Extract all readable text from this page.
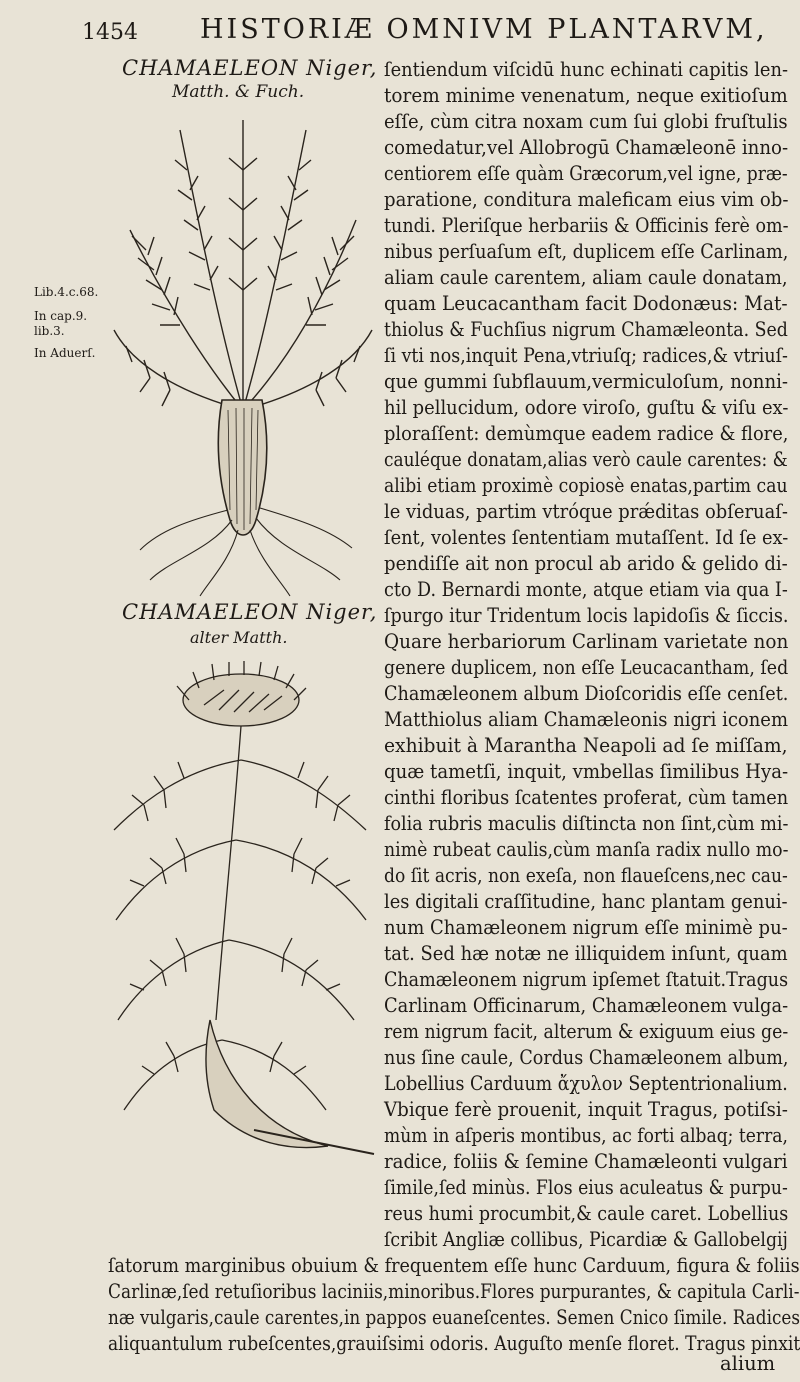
1454 HISTORIÆ OMNIVM PLANTARVM,
CHAMAELEON Niger,
Matth. & Fuch.
Lib.4.c.68.
In cap.9.
lib.3.
In Aduerſ.
CHAMAELEON Niger,
alter Matth.
ſentiendum viſcidū hunc echinati capitis len-
torem minime venenatum, neque exitioſum
eſſe, cùm citra noxam cum ſui globi fruſtulis
comedatur,vel Allobrogū Chamæleonē inno-
centiorem eſſe quàm Græcorum,vel igne, præ-
paratione, conditura maleficam eius vim ob-
tundi. Pleriſque herbariis & Officinis ferè om-
nibus perſuaſum eſt, duplicem eſſe Carlinam,
aliam caule carentem, aliam caule donatam,
quam Leucacantham facit Dodonæus: Mat-
thiolus & Fuchſius nigrum Chamæleonta. Sed
ſi vti nos,inquit Pena,vtriuſq; radices,& vtriuſ-
que gummi ſubflauum,vermiculoſum, nonni-
hil pellucidum, odore viroſo, guſtu & viſu ex-
ploraſſent: demùmque eadem radice & flore,
cauléque donatam,alias verò caule carentes: &
alibi etiam proximè copiosè enatas,partim cau
le viduas, partim vtróque prǽditas obſeruaſ-
ſent, volentes ſententiam mutaſſent. Id ſe ex-
pendiſſe ait non procul ab arido & gelido di-
cto D. Bernardi monte, atque etiam via qua I-
ſpurgo itur Tridentum locis lapidoſis & ſiccis.
Quare herbariorum Carlinam varietate non
genere duplicem, non eſſe Leucacantham, ſed
Chamæleonem album Dioſcoridis eſſe cenſet.
Matthiolus aliam Chamæleonis nigri iconem
exhibuit à Marantha Neapoli ad ſe miſſam,
quæ tametſi, inquit, vmbellas ſimilibus Hya-
cinthi floribus ſcatentes proferat, cùm tamen
folia rubris maculis diſtincta non ſint,cùm mi-
nimè rubeat caulis,cùm manſa radix nullo mo-
do ſit acris, non exeſa, non flaueſcens,nec cau-
les digitali craſſitudine, hanc plantam genui-
num Chamæleonem nigrum eſſe minimè pu-
tat. Sed hæ notæ ne illiquidem inſunt, quam
Chamæleonem nigrum ipſemet ſtatuit.Tragus
Carlinam Officinarum, Chamæleonem vulga-
rem nigrum facit, alterum & exiguum eius ge-
nus ſine caule, Cordus Chamæleonem album,
Lobellius Carduum ἄχυλον Septentrionalium.
Vbique ferè prouenit, inquit Tragus, potiſsi-
mùm in aſperis montibus, ac forti albaq; terra,
radice, foliis & ſemine Chamæleonti vulgari
ſimile,ſed minùs. Flos eius aculeatus & purpu-
reus humi procumbit,& caule caret. Lobellius
ſcribit Angliæ collibus, Picardiæ & Gallobelgij
ſatorum marginibus obuium & frequentem eſſe hunc Carduum, figura & foliis
Carlinæ,ſed retuſioribus laciniis,minoribus.Flores purpurantes, & capitula Carli-
næ vulgaris,caule carentes,in pappos euaneſcentes. Semen Cnico ſimile. Radices
aliquantulum rubeſcentes,grauiſsimi odoris. Auguſto menſe floret. Tragus pinxit
alium
